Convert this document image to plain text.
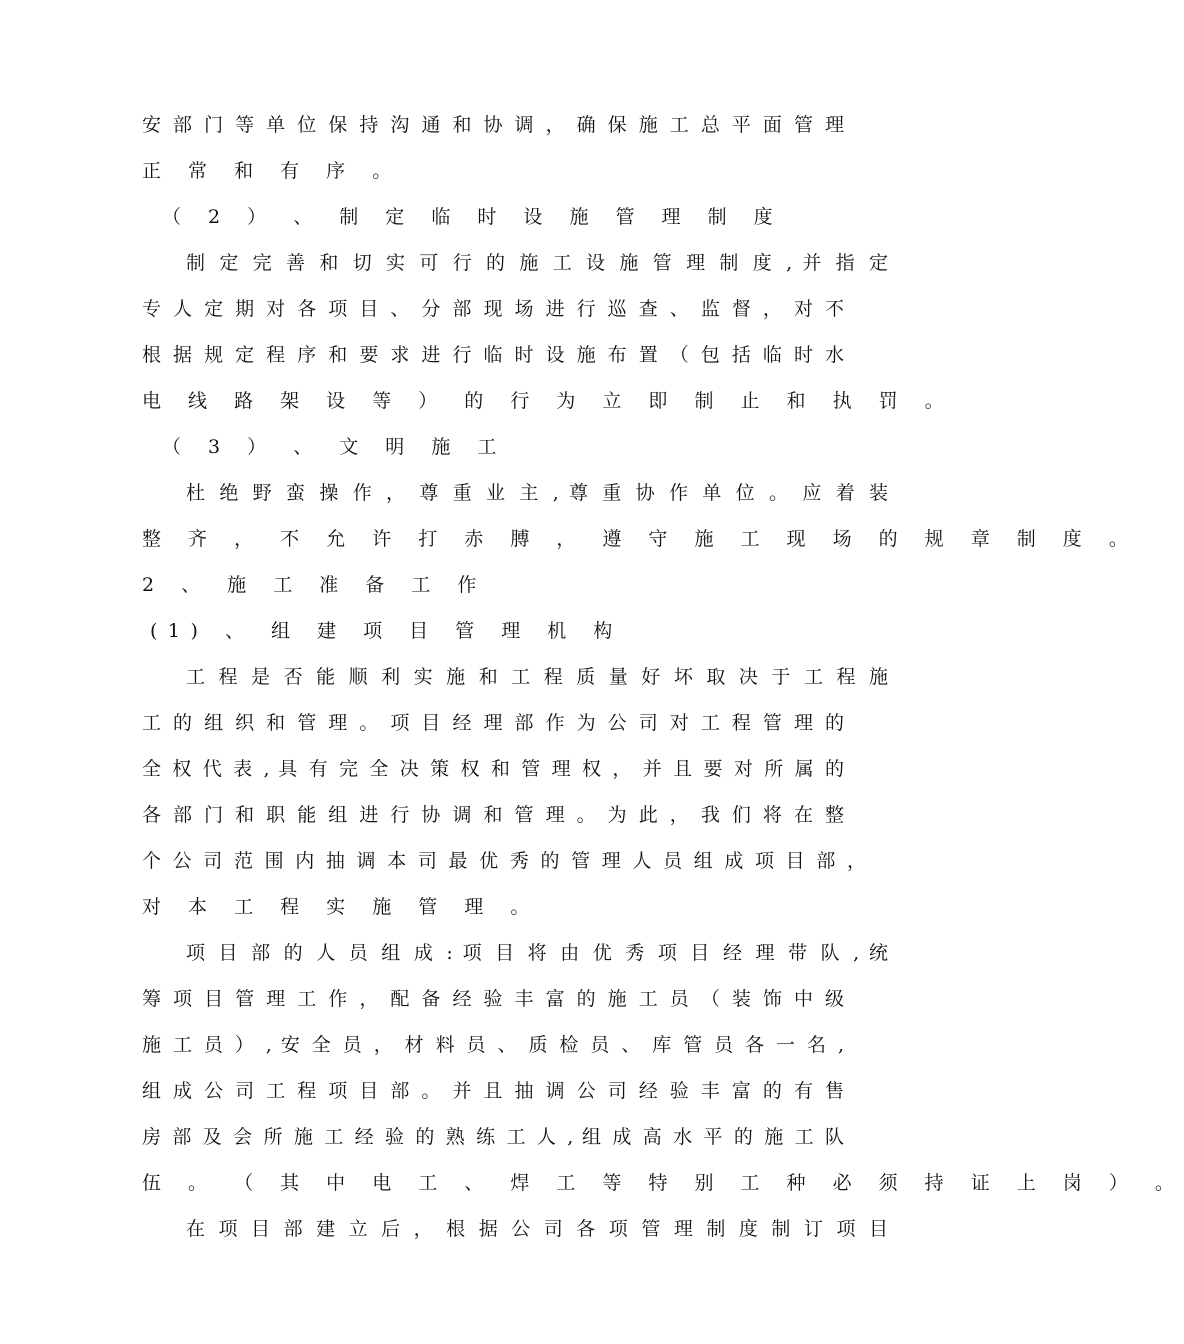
安 部 门 等 单 位 保 持 沟 通 和 协 调 ， 确 保 施 工 总 平 面 管 理
正 常 和 有 序 。
（ 2 ） 、 制 定 临 时 设 施 管 理 制 度
制 定 完 善 和 切 实 可 行 的 施 工 设 施 管 理 制 度 , 并 指 定
专 人 定 期 对 各 项 目 、 分 部 现 场 进 行 巡 查 、 监 督 ， 对 不
根 据 规 定 程 序 和 要 求 进 行 临 时 设 施 布 置 （ 包 括 临 时 水
电 线 路 架 设 等 ） 的 行 为 立 即 制 止 和 执 罚 。
（ 3 ） 、 文 明 施 工
杜 绝 野 蛮 操 作 ， 尊 重 业 主 , 尊 重 协 作 单 位 。 应 着 装
整 齐 ， 不 允 许 打 赤 膊 ， 遵 守 施 工 现 场 的 规 章 制 度 。
2 、 施 工 准 备 工 作
(1) 、 组 建 项 目 管 理 机 构
工 程 是 否 能 顺 利 实 施 和 工 程 质 量 好 坏 取 决 于 工 程 施
工 的 组 织 和 管 理 。 项 目 经 理 部 作 为 公 司 对 工 程 管 理 的
全 权 代 表 , 具 有 完 全 决 策 权 和 管 理 权 ， 并 且 要 对 所 属 的
各 部 门 和 职 能 组 进 行 协 调 和 管 理 。 为 此 ， 我 们 将 在 整
个 公 司 范 围 内 抽 调 本 司 最 优 秀 的 管 理 人 员 组 成 项 目 部 ，
对 本 工 程 实 施 管 理 。
项 目 部 的 人 员 组 成 : 项 目 将 由 优 秀 项 目 经 理 带 队 , 统
筹 项 目 管 理 工 作 ， 配 备 经 验 丰 富 的 施 工 员 （ 装 饰 中 级
施 工 员 ） , 安 全 员 ， 材 料 员 、 质 检 员 、 库 管 员 各 一 名 ,
组 成 公 司 工 程 项 目 部 。 并 且 抽 调 公 司 经 验 丰 富 的 有 售
房 部 及 会 所 施 工 经 验 的 熟 练 工 人 , 组 成 高 水 平 的 施 工 队
伍 。 （ 其 中 电 工 、 焊 工 等 特 别 工 种 必 须 持 证 上 岗 ） 。
在 项 目 部 建 立 后 ， 根 据 公 司 各 项 管 理 制 度 制 订 项 目
